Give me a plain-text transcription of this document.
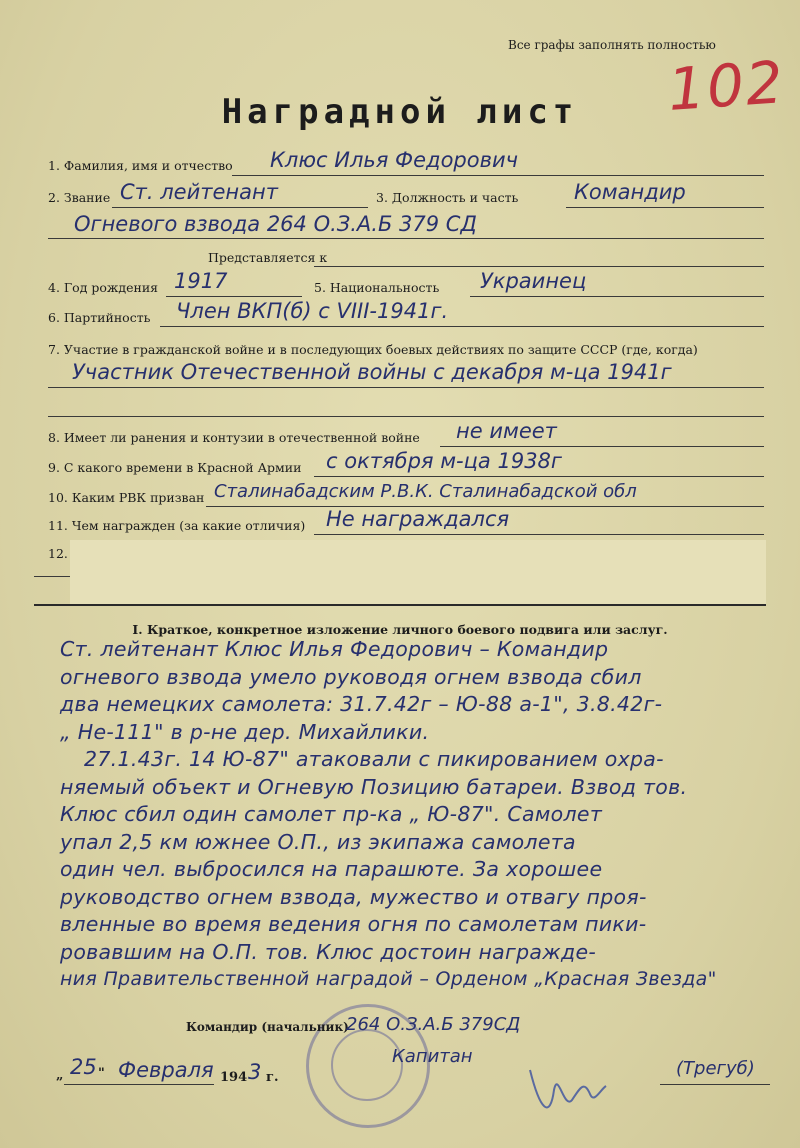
Все графы заполнять полностью
102
Наградной лист
1. Фамилия, имя и отчество Клюс Илья Федорович
2. Звание Ст. лейтенант	3. Должность и часть	Командир
Огневого взвода 264 О.З.А.Б 379 СД
Представляется к
4. Год рождения 1917	5. Национальность Украинец
6. Партийность Член ВКП(б) с VIII-1941г.
7. Участие в гражданской войне и в последующих боевых действиях по защите СССР (где, когда)
Участник Отечественной войны с декабря м-ца 1941г
8. Имеет ли ранения и контузии в отечественной войне не имеет
9. С какого времени в Красной Армии с октября м-ца 1938г
10. Каким РВК призван Сталинабадским Р.В.К. Сталинабадской обл
11. Чем награжден (за какие отличия) Не награждался
12.
I. Краткое, конкретное изложение личного боевого подвига или заслуг.
Ст. лейтенант Клюс Илья Федорович – Командир
огневого взвода умело руководя огнем взвода сбил
два немецких самолета: 31.7.42г – Ю-88 а-1", 3.8.42г-
„ Не-111" в р-не дер. Михайлики.
27.1.43г. 14 Ю-87" атаковали с пикированием охра-
няемый объект и Огневую Позицию батареи. Взвод тов.
Клюс сбил один самолет пр-ка „ Ю-87". Самолет
упал 2,5 км южнее О.П., из экипажа самолета
один чел. выбросился на парашюте. За хорошее
руководство огнем взвода, мужество и отвагу проя-
вленные во время ведения огня по самолетам пики-
ровавшим на О.П. тов. Клюс достоин награжде-
ния Правительственной наградой – Орденом „Красная Звезда"
Командир (начальник)
264 О.З.А.Б 379СД
Капитан
(Трегуб)
„ 25 " Февраля 194 3 г.
